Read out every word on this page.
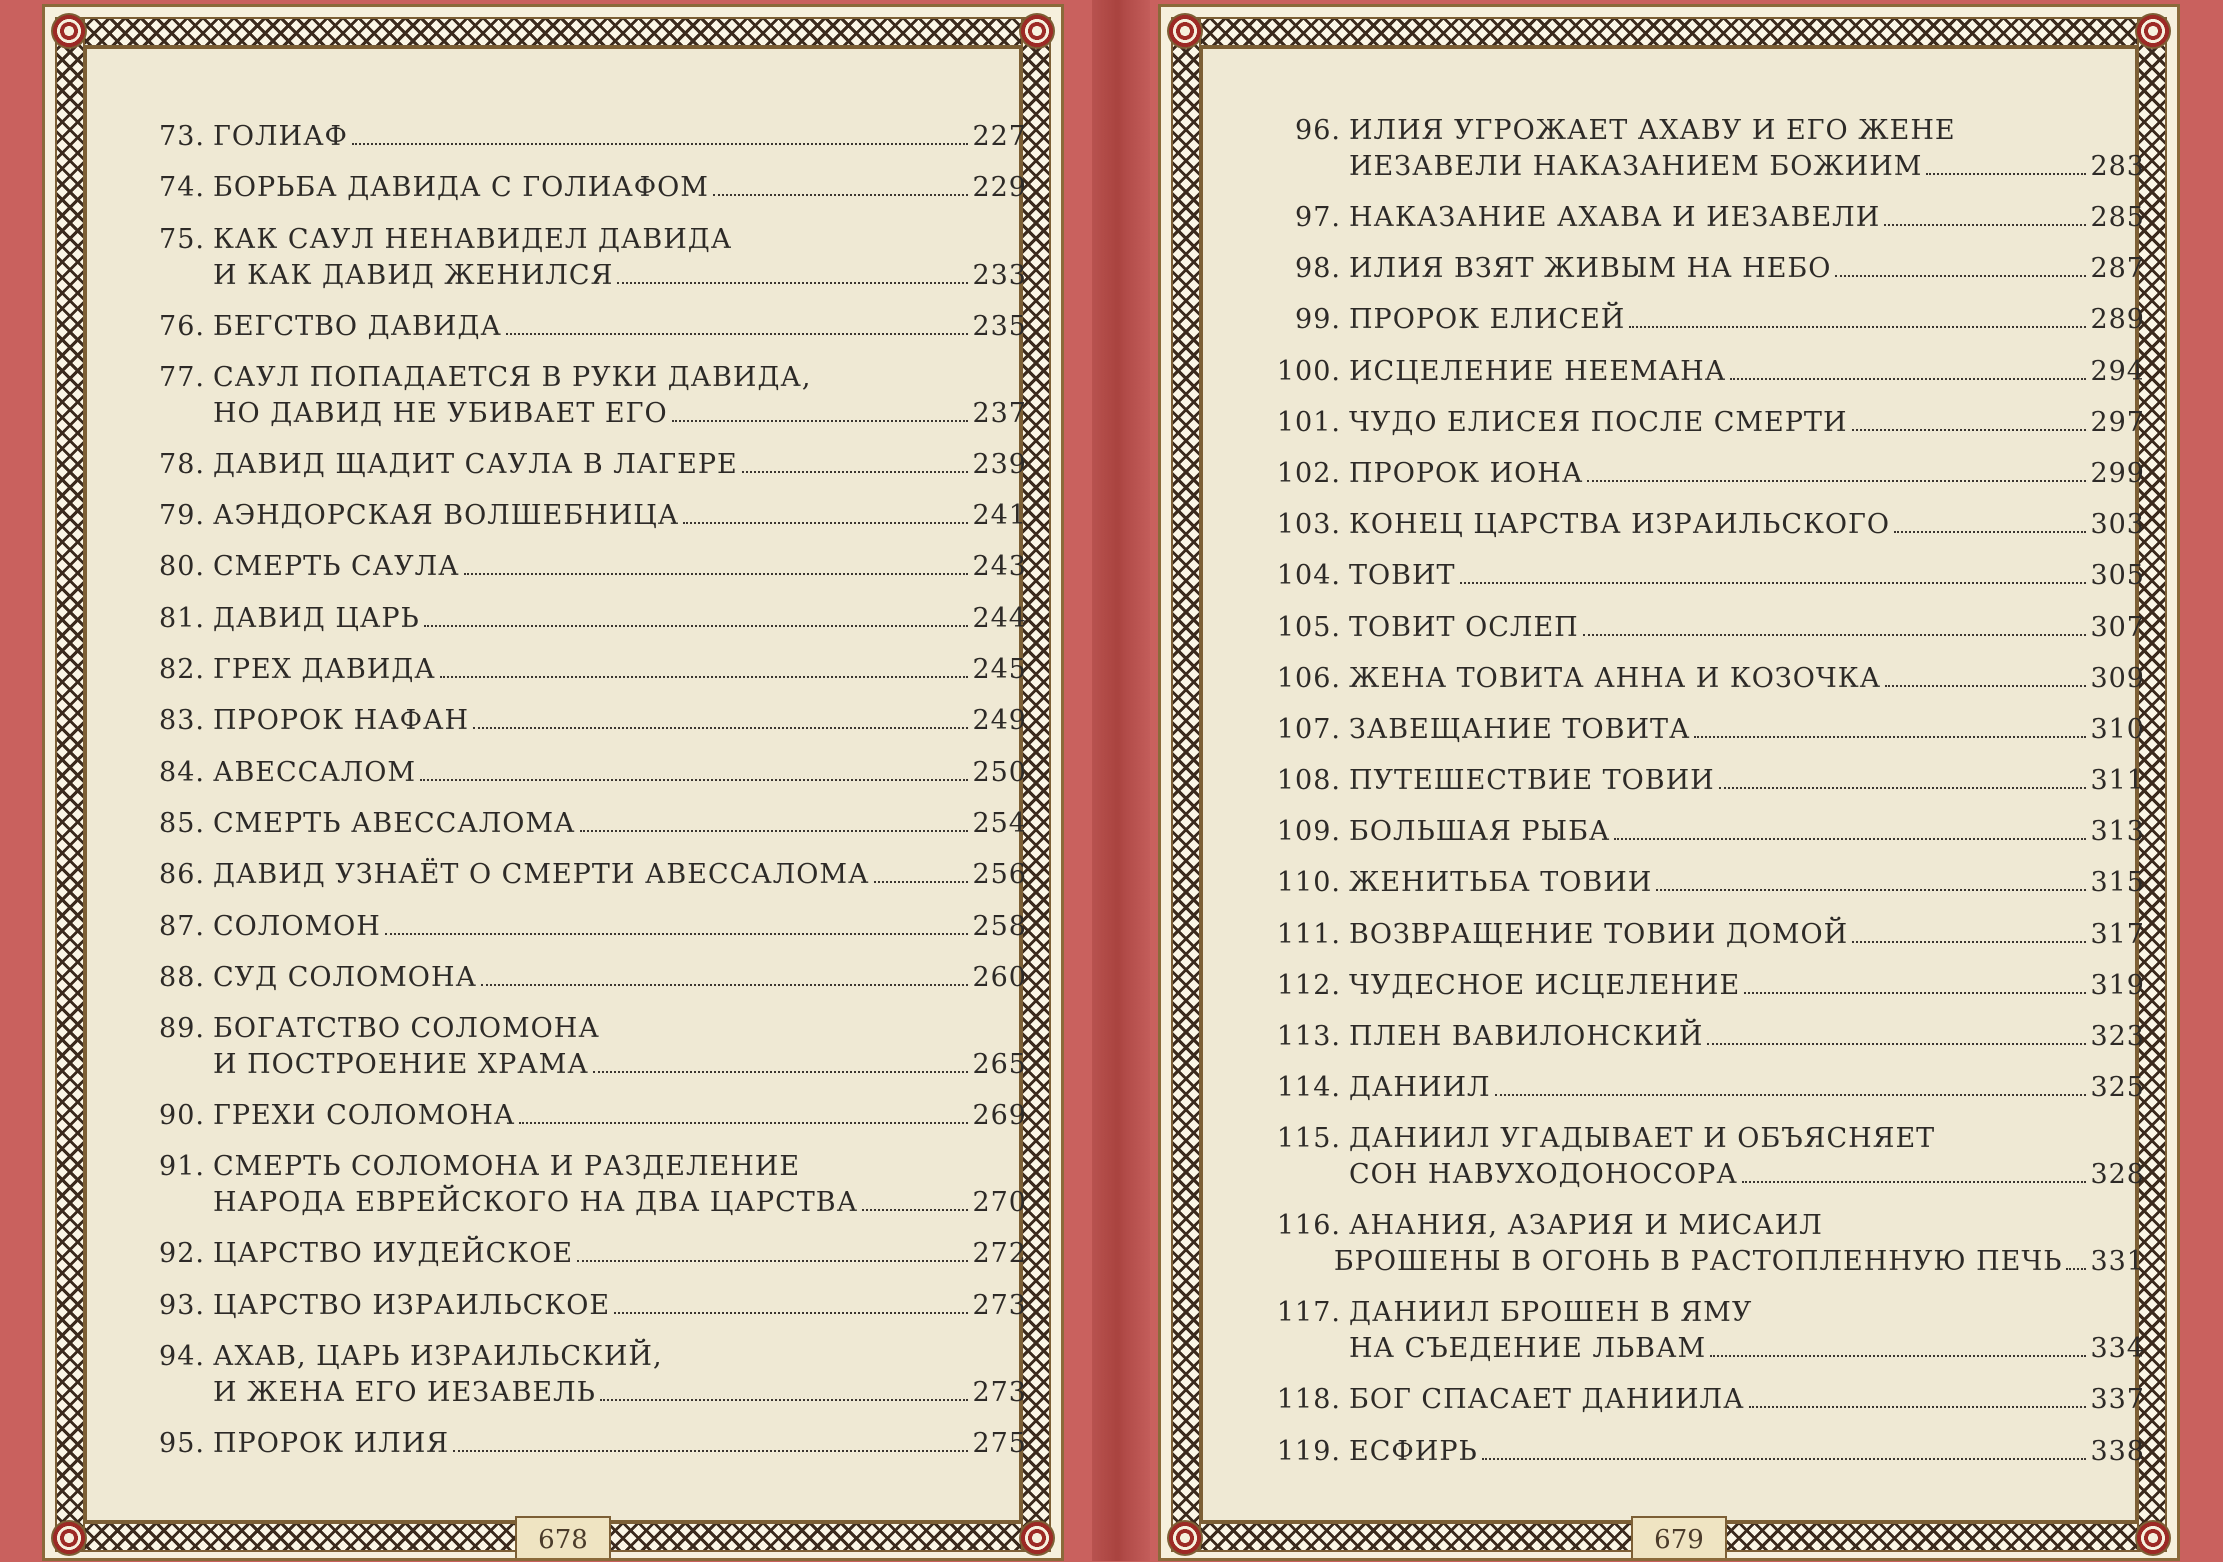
73. ГОЛИАФ	227
74. БОРЬБА ДАВИДА С ГОЛИАФОМ	229
75. КАК САУЛ НЕНАВИДЕЛ ДАВИДА
И КАК ДАВИД ЖЕНИЛСЯ	233
76. БЕГСТВО ДАВИДА	235
77. САУЛ ПОПАДАЕТСЯ В РУКИ ДАВИДА,
НО ДАВИД НЕ УБИВАЕТ ЕГО	237
78. ДАВИД ЩАДИТ САУЛА В ЛАГЕРЕ	239
79. АЭНДОРСКАЯ ВОЛШЕБНИЦА	241
80. СМЕРТЬ САУЛА	243
81. ДАВИД ЦАРЬ	244
82. ГРЕХ ДАВИДА	245
83. ПРОРОК НАФАН	249
84. АВЕССАЛОМ	250
85. СМЕРТЬ АВЕССАЛОМА	254
86. ДАВИД УЗНАЁТ О СМЕРТИ АВЕССАЛОМА	256
87. СОЛОМОН	258
88. СУД СОЛОМОНА	260
89. БОГАТСТВО СОЛОМОНА
И ПОСТРОЕНИЕ ХРАМА	265
90. ГРЕХИ СОЛОМОНА	269
91. СМЕРТЬ СОЛОМОНА И РАЗДЕЛЕНИЕ
НАРОДА ЕВРЕЙСКОГО НА ДВА ЦАРСТВА	270
92. ЦАРСТВО ИУДЕЙСКОЕ	272
93. ЦАРСТВО ИЗРАИЛЬСКОЕ	273
94. АХАВ, ЦАРЬ ИЗРАИЛЬСКИЙ,
И ЖЕНА ЕГО ИЕЗАВЕЛЬ	273
95. ПРОРОК ИЛИЯ	275
678
96. ИЛИЯ УГРОЖАЕТ АХАВУ И ЕГО ЖЕНЕ
ИЕЗАВЕЛИ НАКАЗАНИЕМ БОЖИИМ	283
97. НАКАЗАНИЕ АХАВА И ИЕЗАВЕЛИ	285
98. ИЛИЯ ВЗЯТ ЖИВЫМ НА НЕБО	287
99. ПРОРОК ЕЛИСЕЙ	289
100. ИСЦЕЛЕНИЕ НЕЕМАНА	294
101. ЧУДО ЕЛИСЕЯ ПОСЛЕ СМЕРТИ	297
102. ПРОРОК ИОНА	299
103. КОНЕЦ ЦАРСТВА ИЗРАИЛЬСКОГО	303
104. ТОВИТ	305
105. ТОВИТ ОСЛЕП	307
106. ЖЕНА ТОВИТА АННА И КОЗОЧКА	309
107. ЗАВЕЩАНИЕ ТОВИТА	310
108. ПУТЕШЕСТВИЕ ТОВИИ	311
109. БОЛЬШАЯ РЫБА	313
110. ЖЕНИТЬБА ТОВИИ	315
111. ВОЗВРАЩЕНИЕ ТОВИИ ДОМОЙ	317
112. ЧУДЕСНОЕ ИСЦЕЛЕНИЕ	319
113. ПЛЕН ВАВИЛОНСКИЙ	323
114. ДАНИИЛ	325
115. ДАНИИЛ УГАДЫВАЕТ И ОБЪЯСНЯЕТ
СОН НАВУХОДОНОСОРА	328
116. АНАНИЯ, АЗАРИЯ И МИСАИЛ
БРОШЕНЫ В ОГОНЬ В РАСТОПЛЕННУЮ ПЕЧЬ 331
117. ДАНИИЛ БРОШЕН В ЯМУ
НА СЪЕДЕНИЕ ЛЬВАМ	334
118. БОГ СПАСАЕТ ДАНИИЛА	337
119. ЕСФИРЬ	338
679
